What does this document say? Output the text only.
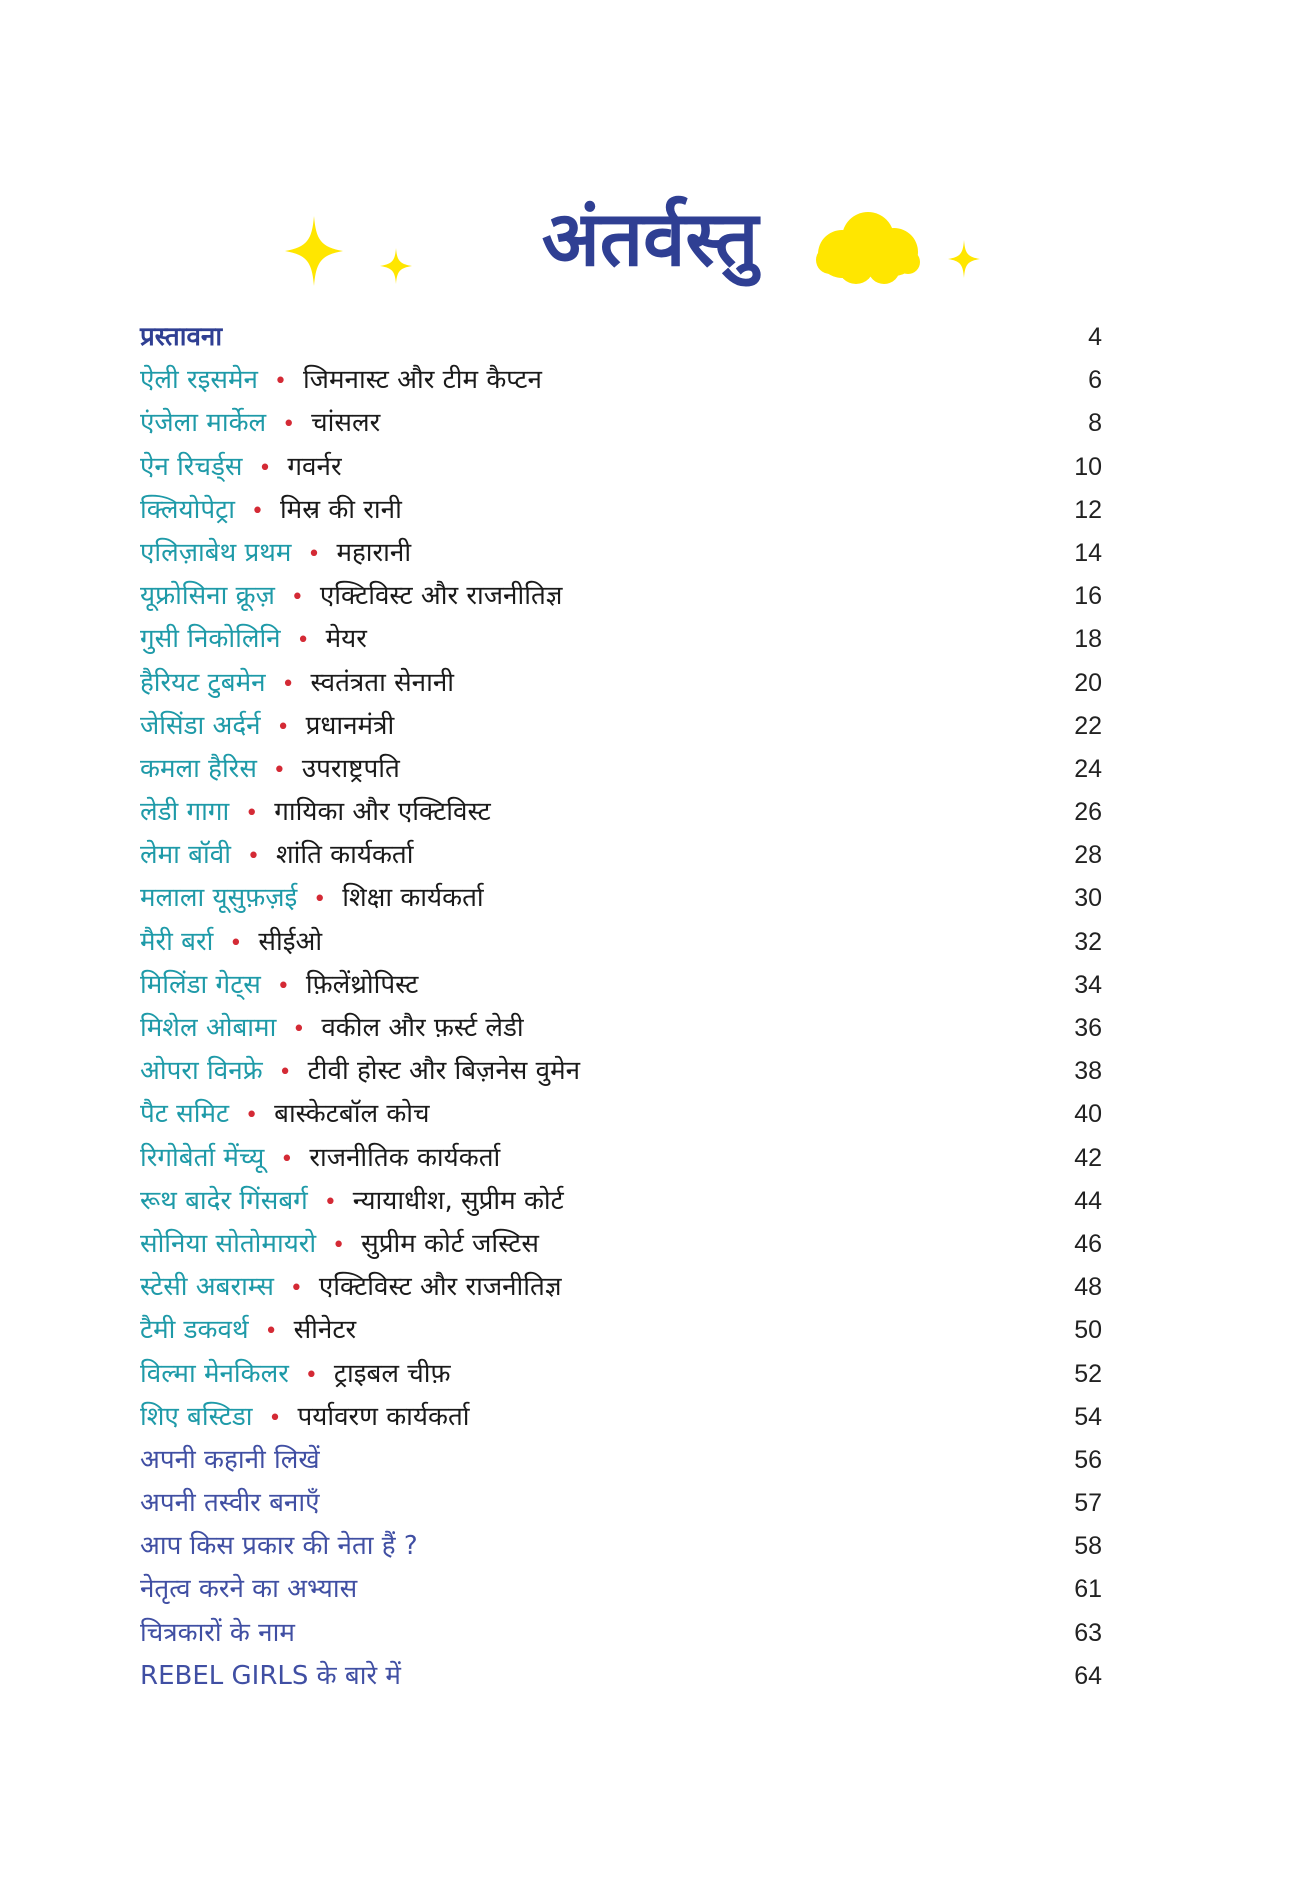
अंतर्वस्तु
प्रस्तावना	4
ऐली रइसमेन • जिमनास्ट और टीम कैप्टन	6
एंजेला मार्केल • चांसलर	8
ऐन रिचर्ड्स • गवर्नर	10
क्लियोपेट्रा • मिस्र की रानी	12
एलिज़ाबेथ प्रथम • महारानी	14
यूफ्रोसिना क्रूज़ • एक्टिविस्ट और राजनीतिज्ञ	16
गुसी निकोलिनि • मेयर	18
हैरियट टुबमेन • स्वतंत्रता सेनानी	20
जेसिंडा अर्दर्न • प्रधानमंत्री	22
कमला हैरिस • उपराष्ट्रपति	24
लेडी गागा • गायिका और एक्टिविस्ट	26
लेमा बॉवी • शांति कार्यकर्ता	28
मलाला यूसुफ़ज़ई • शिक्षा कार्यकर्ता	30
मैरी बर्रा • सीईओ	32
मिलिंडा गेट्स • फ़िलेंथ्रोपिस्ट	34
मिशेल ओबामा • वकील और फ़र्स्ट लेडी	36
ओपरा विनफ्रे • टीवी होस्ट और बिज़नेस वुमेन	38
पैट समिट • बास्केटबॉल कोच	40
रिगोबेर्ता मेंच्यू • राजनीतिक कार्यकर्ता	42
रूथ बादेर गिंसबर्ग • न्यायाधीश, सुप्रीम कोर्ट	44
सोनिया सोतोमायरो • सुप्रीम कोर्ट जस्टिस	46
स्टेसी अबराम्स • एक्टिविस्ट और राजनीतिज्ञ	48
टैमी डकवर्थ • सीनेटर	50
विल्मा मेनकिलर • ट्राइबल चीफ़	52
शिए बस्टिडा • पर्यावरण कार्यकर्ता	54
अपनी कहानी लिखें	56
अपनी तस्वीर बनाएँ	57
आप किस प्रकार की नेता हैं ?	58
नेतृत्व करने का अभ्यास	61
चित्रकारों के नाम	63
REBEL GIRLS के बारे में	64
